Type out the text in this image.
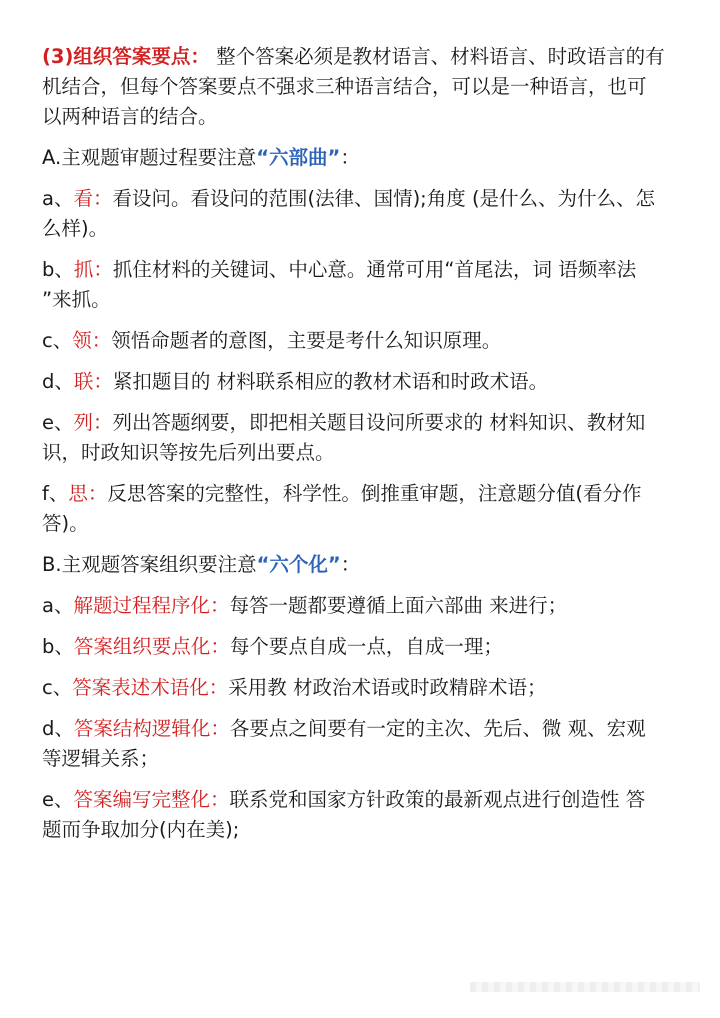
(3)组织答案要点： 整个答案必须是教材语言、材料语言、时政语言的有

机结合，但每个答案要点不强求三种语言结合，可以是一种语言，也可

以两种语言的结合。

A.主观题审题过程要注意“六部曲”：

a、看：看设问。看设问的范围(法律、国情);角度 (是什么、为什么、怎

么样)。

b、抓：抓住材料的关键词、中心意。通常可用“首尾法，词 语频率法

”来抓。

c、领：领悟命题者的意图，主要是考什么知识原理。

d、联：紧扣题目的 材料联系相应的教材术语和时政术语。

e、列：列出答题纲要，即把相关题目设问所要求的 材料知识、教材知

识，时政知识等按先后列出要点。

f、思：反思答案的完整性，科学性。倒推重审题，注意题分值(看分作

答)。

B.主观题答案组织要注意“六个化”：

a、解题过程程序化：每答一题都要遵循上面六部曲 来进行；

b、答案组织要点化：每个要点自成一点，自成一理；

c、答案表述术语化：采用教 材政治术语或时政精辟术语；

d、答案结构逻辑化：各要点之间要有一定的主次、先后、微 观、宏观

等逻辑关系；

e、答案编写完整化：联系党和国家方针政策的最新观点进行创造性 答

题而争取加分(内在美);
